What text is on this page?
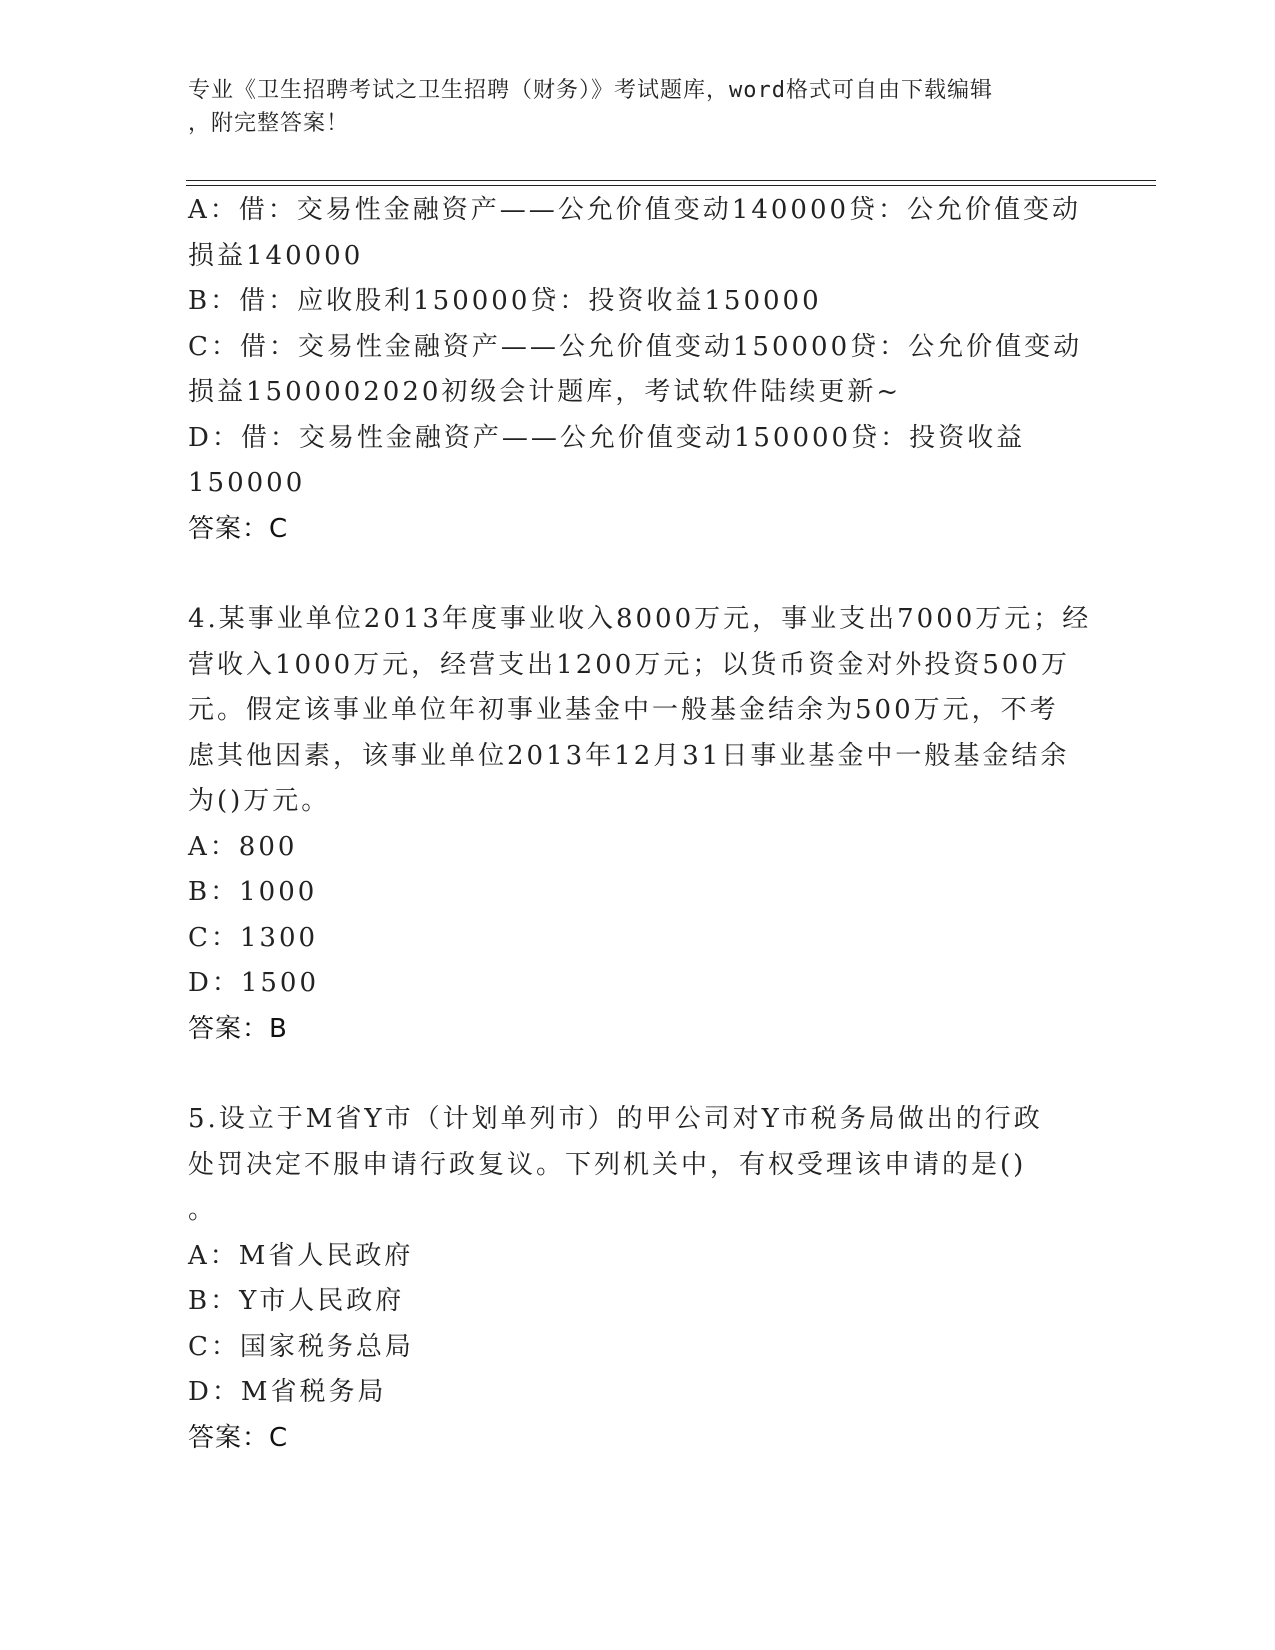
专业《卫生招聘考试之卫生招聘（财务）》考试题库，word格式可自由下载编辑
，附完整答案！
A：借：交易性金融资产——公允价值变动140000贷：公允价值变动
损益140000
B：借：应收股利150000贷：投资收益150000
C：借：交易性金融资产——公允价值变动150000贷：公允价值变动
损益1500002020初级会计题库，考试软件陆续更新~
D：借：交易性金融资产——公允价值变动150000贷：投资收益
150000
答案：C
4.某事业单位2013年度事业收入8000万元，事业支出7000万元；经
营收入1000万元，经营支出1200万元；以货币资金对外投资500万
元。假定该事业单位年初事业基金中一般基金结余为500万元，不考
虑其他因素，该事业单位2013年12月31日事业基金中一般基金结余
为()万元。
A：800
B：1000
C：1300
D：1500
答案：B
5.设立于M省Y市（计划单列市）的甲公司对Y市税务局做出的行政
处罚决定不服申请行政复议。下列机关中，有权受理该申请的是()
。
A：M省人民政府
B：Y市人民政府
C：国家税务总局
D：M省税务局
答案：C
